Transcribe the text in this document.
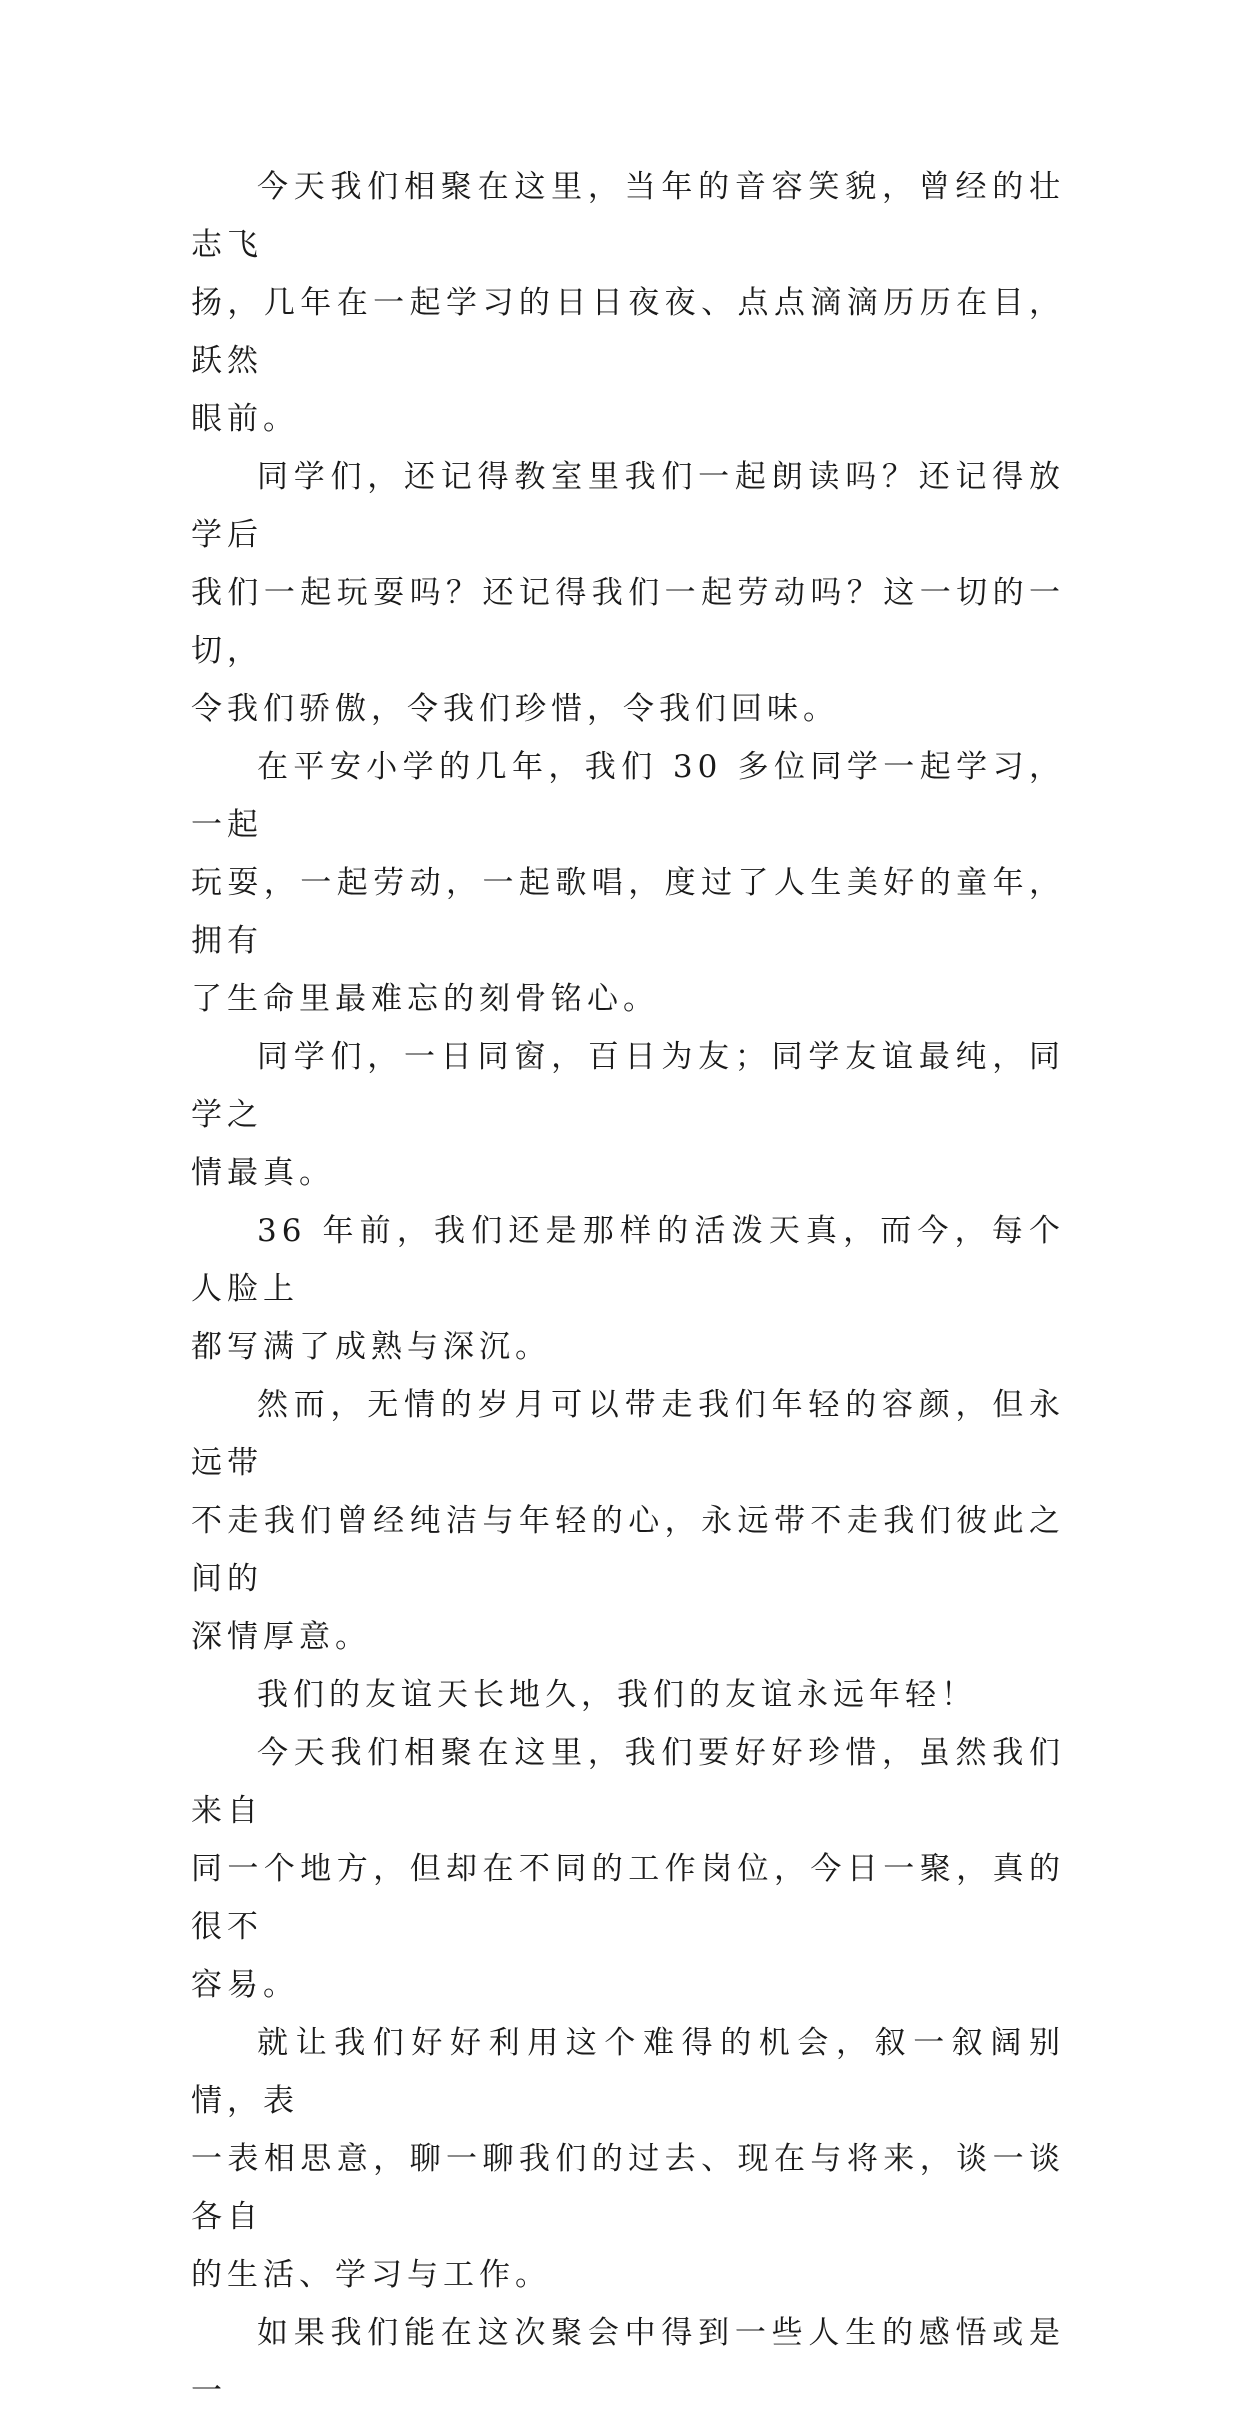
今天我们相聚在这里，当年的音容笑貌，曾经的壮志飞
扬，几年在一起学习的日日夜夜、点点滴滴历历在目，跃然
眼前。

同学们，还记得教室里我们一起朗读吗？还记得放学后
我们一起玩耍吗？还记得我们一起劳动吗？这一切的一切，
令我们骄傲，令我们珍惜，令我们回味。

在平安小学的几年，我们 30 多位同学一起学习，一起
玩耍，一起劳动，一起歌唱，度过了人生美好的童年，拥有
了生命里最难忘的刻骨铭心。

同学们，一日同窗，百日为友；同学友谊最纯，同学之
情最真。

36 年前，我们还是那样的活泼天真，而今，每个人脸上
都写满了成熟与深沉。

然而，无情的岁月可以带走我们年轻的容颜，但永远带
不走我们曾经纯洁与年轻的心，永远带不走我们彼此之间的
深情厚意。

我们的友谊天长地久，我们的友谊永远年轻！

今天我们相聚在这里，我们要好好珍惜，虽然我们来自
同一个地方，但却在不同的工作岗位，今日一聚，真的很不
容易。

就让我们好好利用这个难得的机会，叙一叙阔别情，表
一表相思意，聊一聊我们的过去、现在与将来，谈一谈各自
的生活、学习与工作。

如果我们能在这次聚会中得到一些人生的感悟或是一
